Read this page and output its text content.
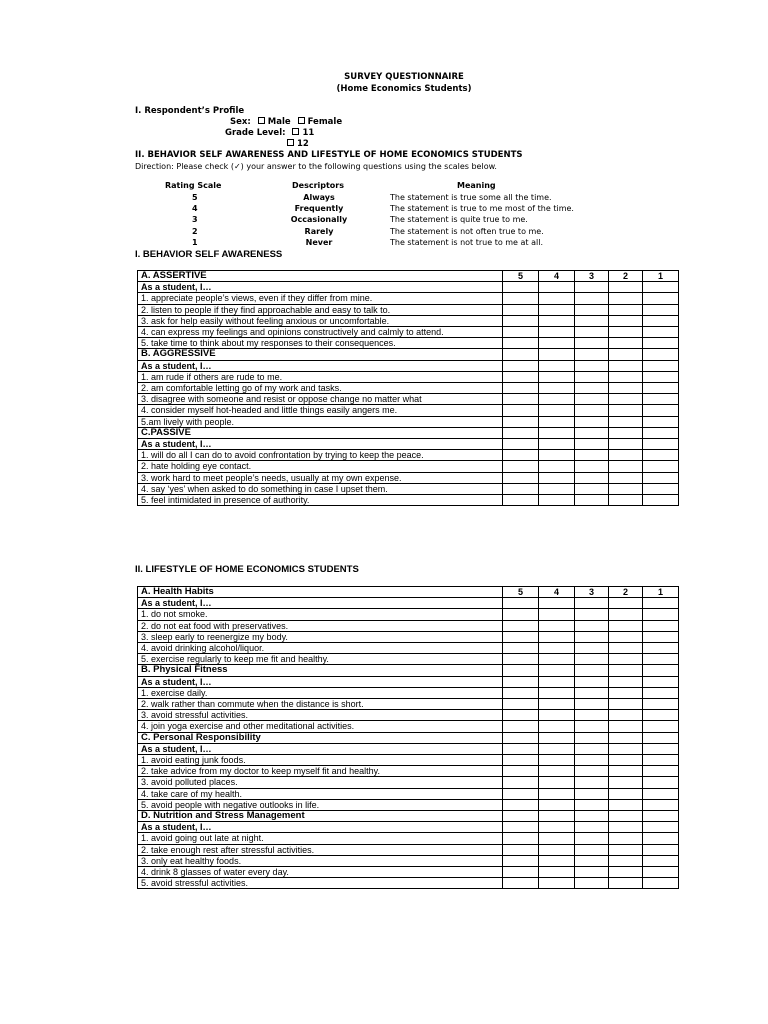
SURVEY QUESTIONNAIRE
(Home Economics Students)
I. Respondent’s Profile
Sex: Male Female
Grade Level: 11
12
II. BEHAVIOR SELF AWARENESS AND LIFESTYLE OF HOME ECONOMICS STUDENTS
Direction: Please check (✓) your answer to the following questions using the scales below.
Rating Scale	Descriptors	Meaning
5	Always	The statement is true some all the time.
4	Frequently	The statement is true to me most of the time.
3	Occasionally	The statement is quite true to me.
2	Rarely	The statement is not often true to me.
1	Never	The statement is not true to me at all.
I. BEHAVIOR SELF AWARENESS
A. ASSERTIVE	5	4	3	2	1
As a student, I…					
1. appreciate people’s views, even if they differ from mine.					
2. listen to people if they find approachable and easy to talk to.					
3. ask for help easily without feeling anxious or uncomfortable.					
4. can express my feelings and opinions constructively and calmly to attend.					
5. take time to think about my responses to their consequences.					
B. AGGRESSIVE					
As a student, I…					
1. am rude if others are rude to me.					
2. am comfortable letting go of my work and tasks.					
3. disagree with someone and resist or oppose change no matter what					
4. consider myself hot-headed and little things easily angers me.					
5.am lively with people.					
C.PASSIVE					
As a student, I…					
1. will do all I can do to avoid confrontation by trying to keep the peace.					
2. hate holding eye contact.					
3. work hard to meet people’s needs, usually at my own expense.					
4. say ‘yes’ when asked to do something in case I upset them.					
5. feel intimidated in presence of authority.					
II. LIFESTYLE OF HOME ECONOMICS STUDENTS
A. Health Habits	5	4	3	2	1
As a student, I…					
1. do not smoke.					
2. do not eat food with preservatives.					
3. sleep early to reenergize my body.					
4. avoid drinking alcohol/liquor.					
5. exercise regularly to keep me fit and healthy.					
B. Physical Fitness					
As a student, I…					
1. exercise daily.					
2. walk rather than commute when the distance is short.					
3. avoid stressful activities.					
4. join yoga exercise and other meditational activities.					
C. Personal Responsibility					
As a student, I…					
1. avoid eating junk foods.					
2. take advice from my doctor to keep myself fit and healthy.					
3. avoid polluted places.					
4. take care of my health.					
5. avoid people with negative outlooks in life.					
D. Nutrition and Stress Management					
As a student, I…					
1. avoid going out late at night.					
2. take enough rest after stressful activities.					
3. only eat healthy foods.					
4. drink 8 glasses of water every day.					
5. avoid stressful activities.					
